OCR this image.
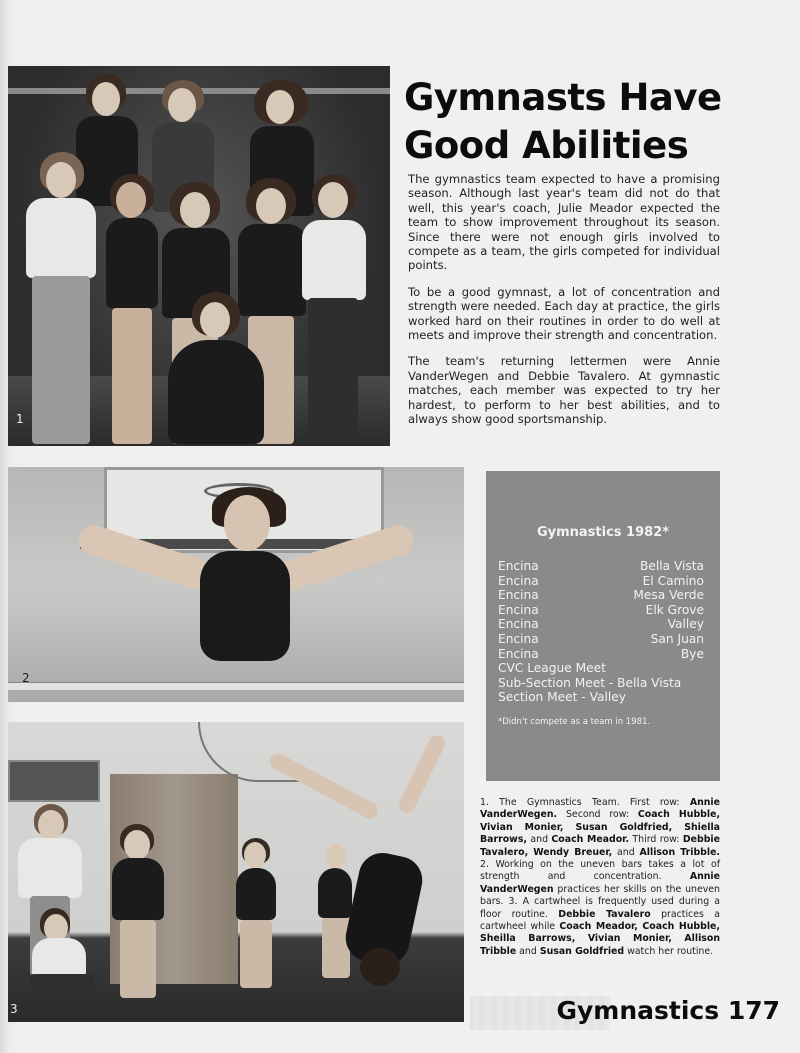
1
Gymnasts Have
Good Abilities

The gymnastics team expected to have a promising season. Although last year's team did not do that well, this year's coach, Julie Meador expected the team to show improvement throughout its season. Since there were not enough girls involved to compete as a team, the girls competed for individual points.

To be a good gymnast, a lot of concentration and strength were needed. Each day at practice, the girls worked hard on their routines in order to do well at meets and improve their strength and concentration.

The team's returning lettermen were Annie VanderWegen and Debbie Tavalero. At gymnastic matches, each member was expected to try her hardest, to perform to her best abilities, and to always show good sportsmanship.

2
Gymnastics 1982*
Encina	Bella Vista
Encina	El Camino
Encina	Mesa Verde
Encina	Elk Grove
Encina	Valley
Encina	San Juan
Encina	Bye
CVC League Meet
Sub-Section Meet - Bella Vista
Section Meet - Valley
*Didn't compete as a team in 1981.
3
1. The Gymnastics Team. First row: Annie VanderWegen. Second row: Coach Hubble, Vivian Monier, Susan Goldfried, Shiella Barrows, and Coach Meador. Third row: Debbie Tavalero, Wendy Breuer, and Allison Tribble. 2. Working on the uneven bars takes a lot of strength and concentration. Annie VanderWegen practices her skills on the uneven bars. 3. A cartwheel is frequently used during a floor routine. Debbie Tavalero practices a cartwheel while Coach Meador, Coach Hubble, Sheilla Barrows, Vivian Monier, Allison Tribble and Susan Goldfried watch her routine.
Gymnastics 177
